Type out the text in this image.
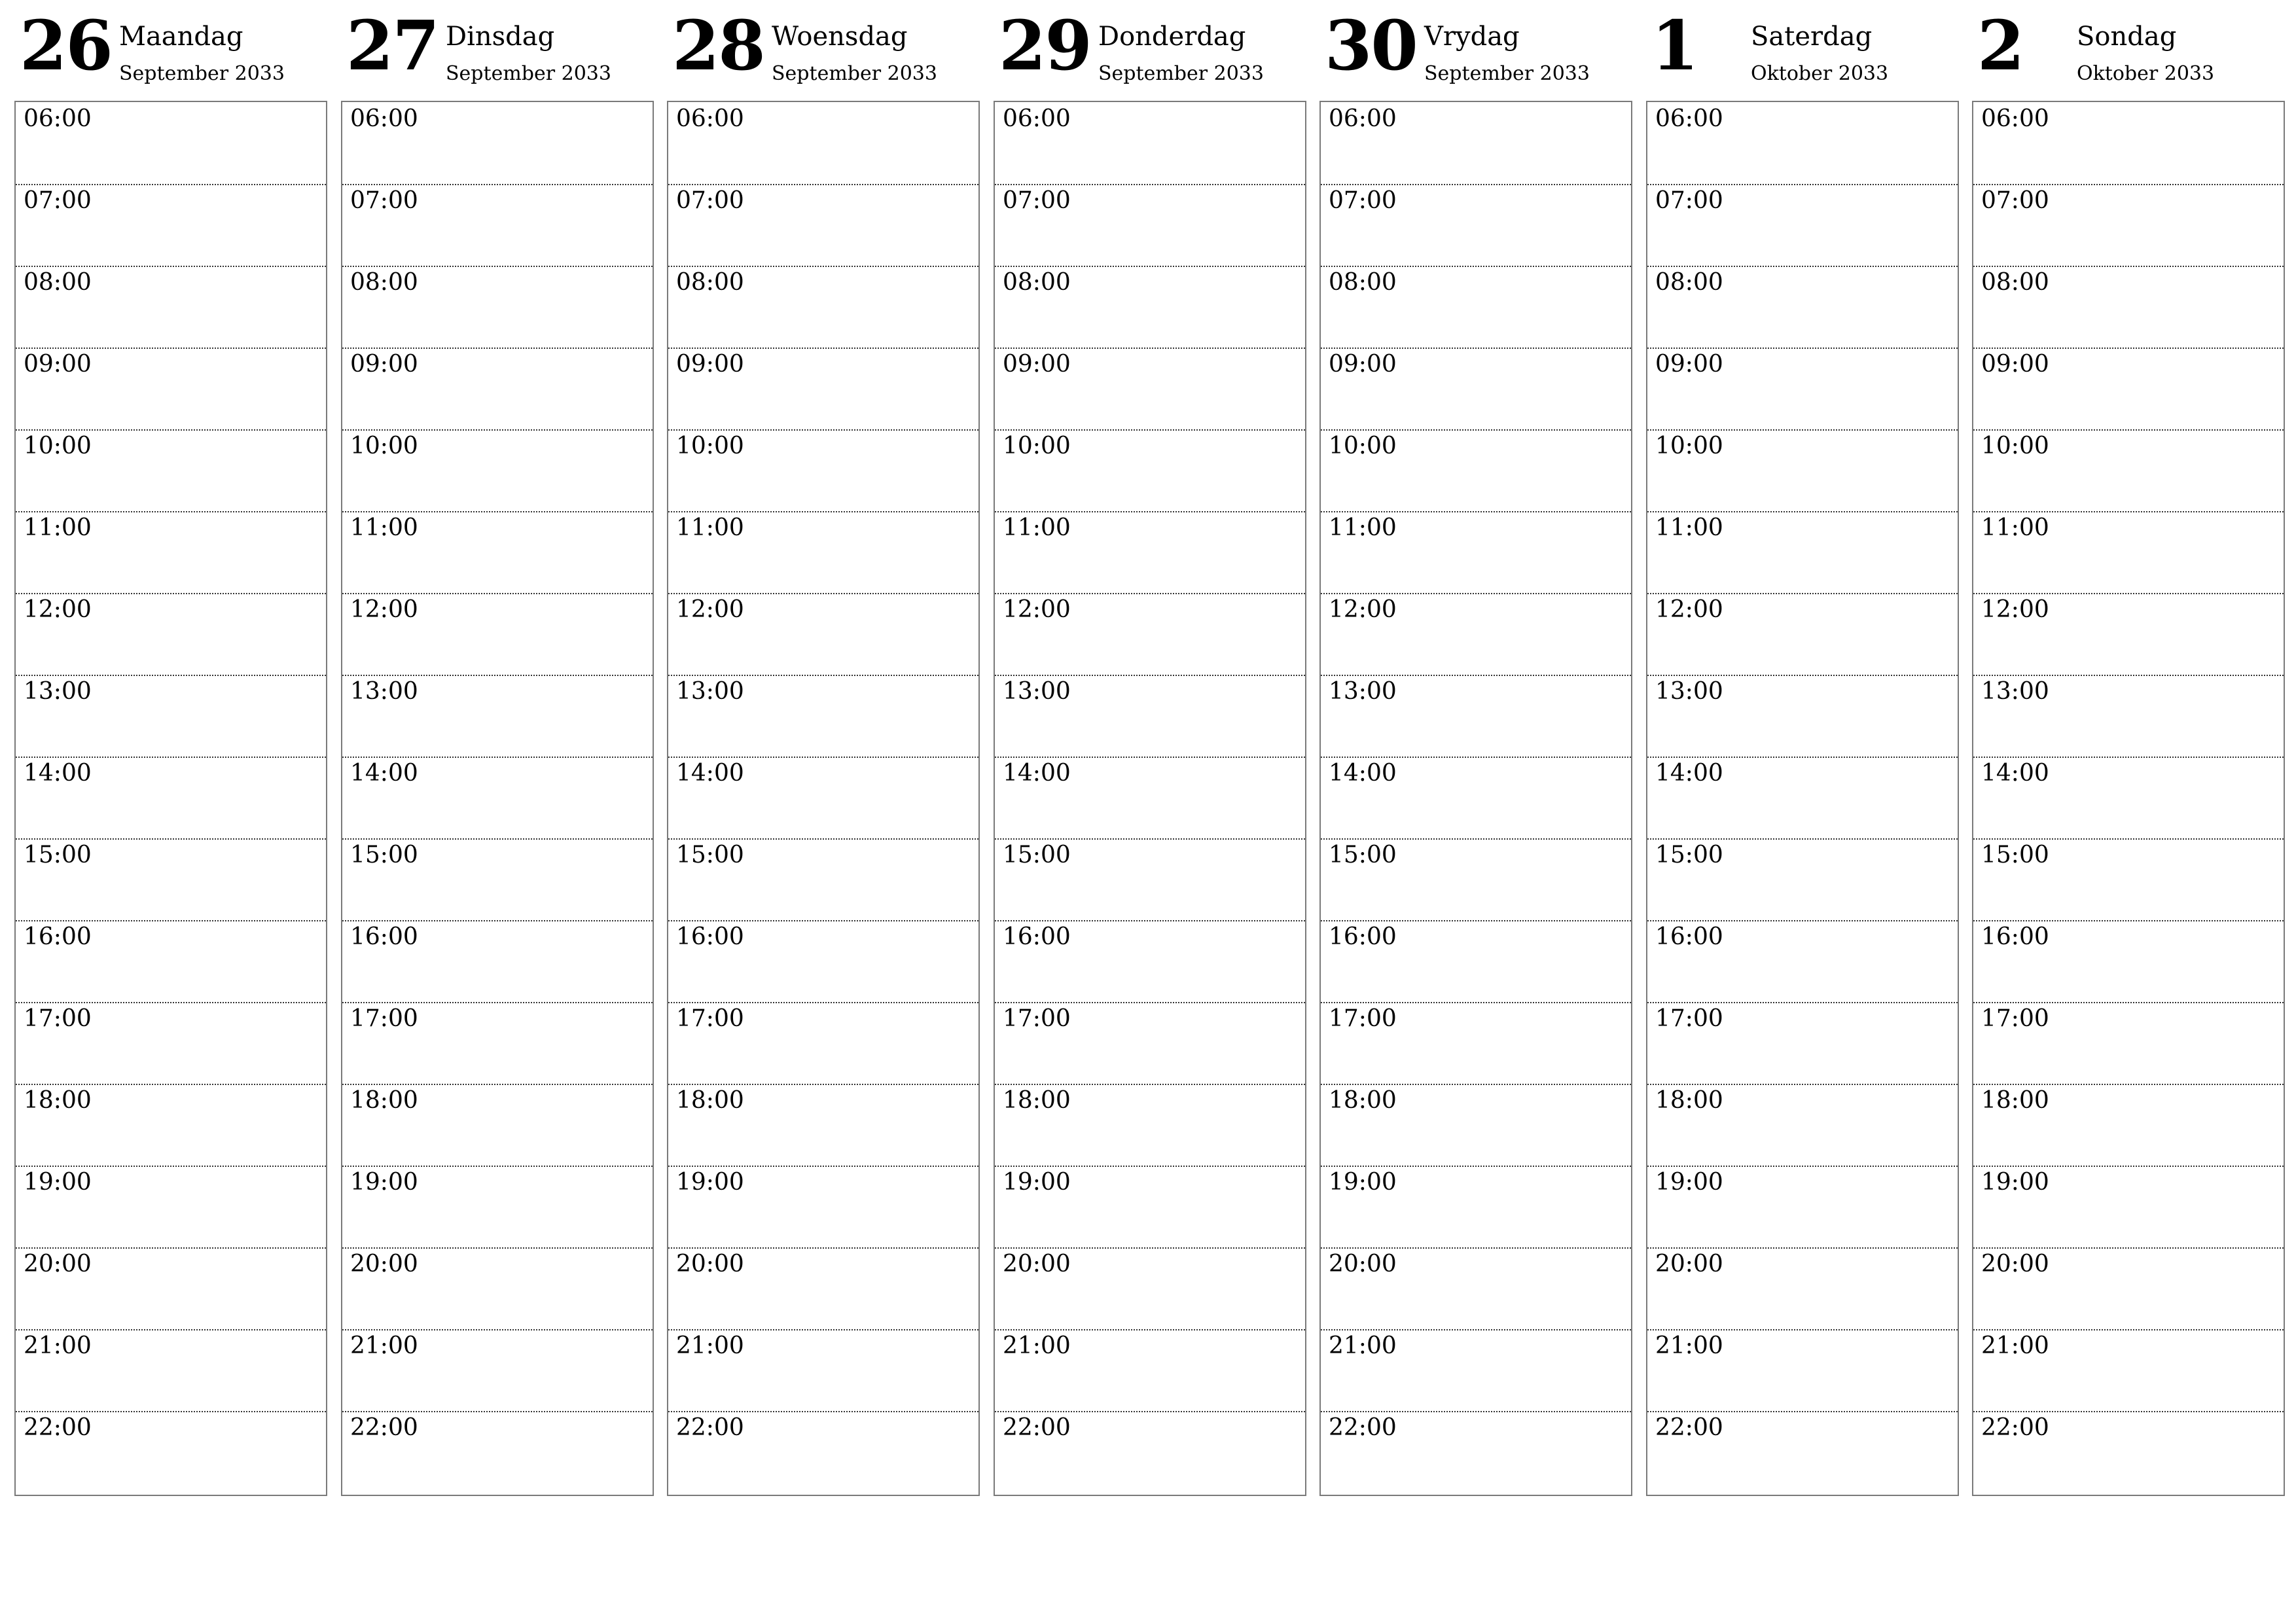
26 Maandag
September 2033
06:00
07:00
08:00
09:00
10:00
11:00
12:00
13:00
14:00
15:00
16:00
17:00
18:00
19:00
20:00
21:00
22:00
27 Dinsdag
September 2033
06:00
07:00
08:00
09:00
10:00
11:00
12:00
13:00
14:00
15:00
16:00
17:00
18:00
19:00
20:00
21:00
22:00
28 Woensdag
September 2033
06:00
07:00
08:00
09:00
10:00
11:00
12:00
13:00
14:00
15:00
16:00
17:00
18:00
19:00
20:00
21:00
22:00
29 Donderdag
September 2033
06:00
07:00
08:00
09:00
10:00
11:00
12:00
13:00
14:00
15:00
16:00
17:00
18:00
19:00
20:00
21:00
22:00
30 Vrydag
September 2033
06:00
07:00
08:00
09:00
10:00
11:00
12:00
13:00
14:00
15:00
16:00
17:00
18:00
19:00
20:00
21:00
22:00
1 Saterdag
Oktober 2033
06:00
07:00
08:00
09:00
10:00
11:00
12:00
13:00
14:00
15:00
16:00
17:00
18:00
19:00
20:00
21:00
22:00
2 Sondag
Oktober 2033
06:00
07:00
08:00
09:00
10:00
11:00
12:00
13:00
14:00
15:00
16:00
17:00
18:00
19:00
20:00
21:00
22:00
